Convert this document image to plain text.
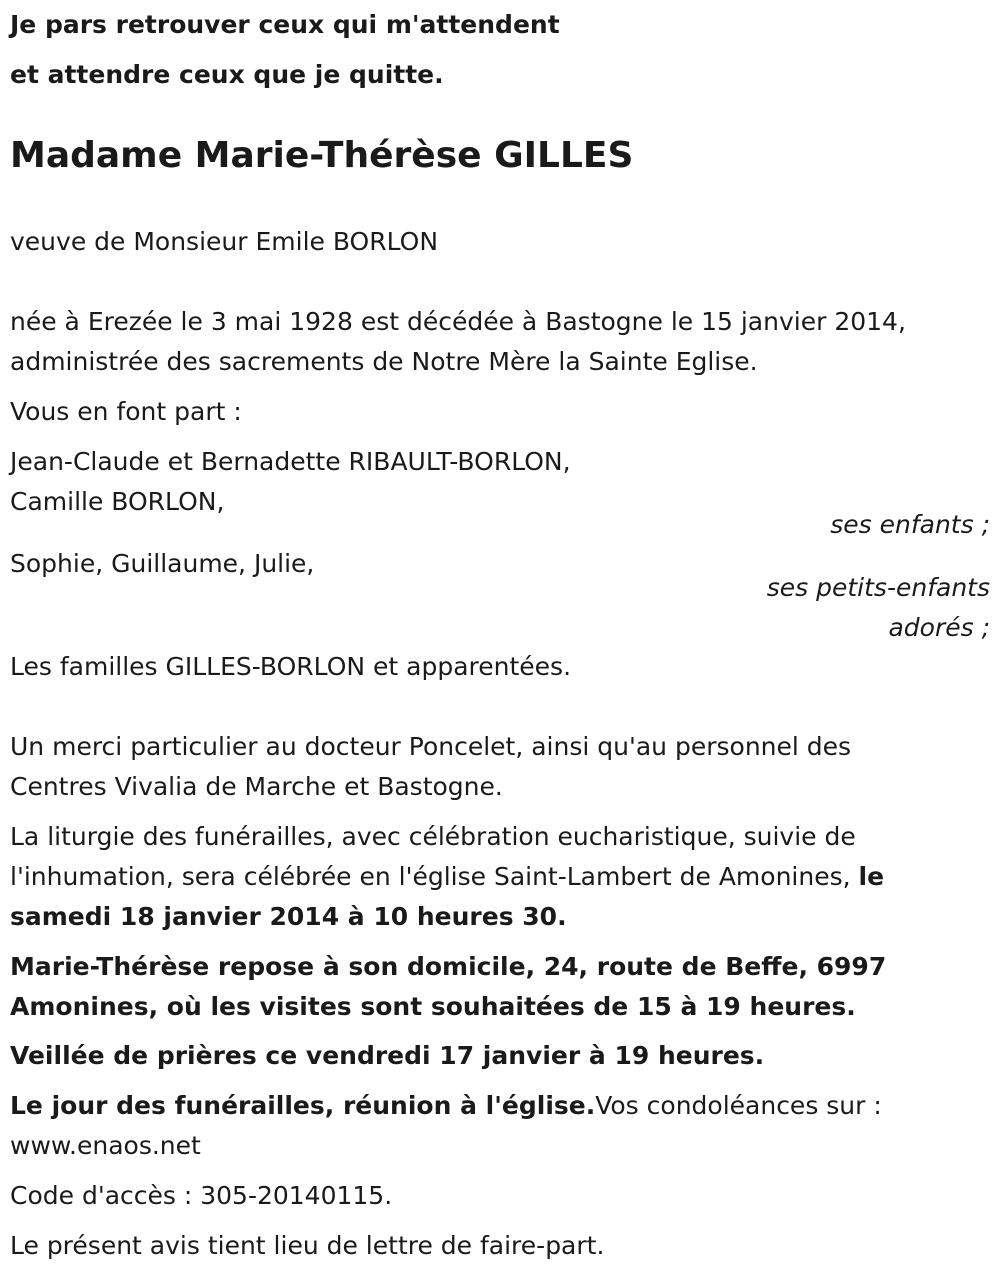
Je pars retrouver ceux qui m'attendent
et attendre ceux que je quitte.
Madame Marie-Thérèse GILLES
veuve de Monsieur Emile BORLON
née à Erezée le 3 mai 1928 est décédée à Bastogne le 15 janvier 2014,
administrée des sacrements de Notre Mère la Sainte Eglise.
Vous en font part :
Jean-Claude et Bernadette RIBAULT-BORLON,
Camille BORLON,
ses enfants ;
Sophie, Guillaume, Julie,
ses petits-enfants
adorés ;
Les familles GILLES-BORLON et apparentées.
Un merci particulier au docteur Poncelet, ainsi qu'au personnel des
Centres Vivalia de Marche et Bastogne.
La liturgie des funérailles, avec célébration eucharistique, suivie de
l'inhumation, sera célébrée en l'église Saint-Lambert de Amonines, le
samedi 18 janvier 2014 à 10 heures 30.
Marie-Thérèse repose à son domicile, 24, route de Beffe, 6997
Amonines, où les visites sont souhaitées de 15 à 19 heures.
Veillée de prières ce vendredi 17 janvier à 19 heures.
Le jour des funérailles, réunion à l'église.Vos condoléances sur :
www.enaos.net
Code d'accès : 305-20140115.
Le présent avis tient lieu de lettre de faire-part.
